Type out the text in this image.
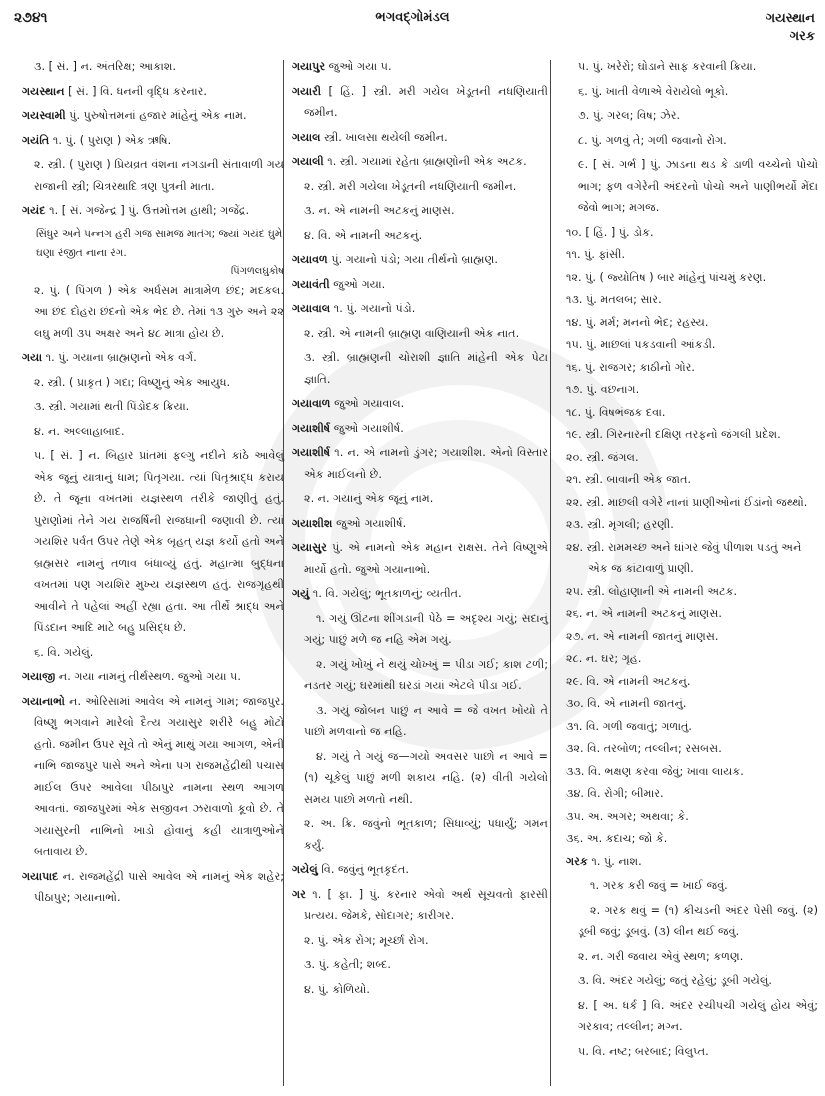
૨૭૪૧	ભગવદ્ગોમંડલ	ગયસ્થાન
ગરક
૩. [ સં. ] ન. અંતરિક્ષ; આકાશ.
ગયસ્થાન [ સં. ] વિ. ધનની વૃદ્ધિ કરનાર.
ગયસ્વામી પું. પુરુષોત્તમનાં હજાર માંહેનું એક નામ.
ગયંતિ ૧. પું. ( પુરાણ ) એક ઋષિ.
૨. સ્ત્રી. ( પુરાણ ) પ્રિયવ્રત વંશના નગડાની સંતાવાળી ગય રાજાની સ્ત્રી; ચિત્રરથાદિ ત્રણ પુત્રની માતા.
ગયંદ ૧. [ સં. ગજેન્દ્ર ] પું. ઉત્તમોત્તમ હાથી; ગજેંદ્ર.
સિંધુર અને પન્નગ હરી ગજ સામજ માતંગ; જ્યાં ગયંદ ઘુમે ઘણા રંજીત નાના રંગ.
પિંગળલઘુકોષ
૨. પું. ( પિંગળ ) એક અર્ધસમ માત્રામેળ છંદ; મદકલ. આ છંદ દોહરા છંદનો એક ભેદ છે. તેમાં ૧૩ ગુરુ અને ૨૨ લઘુ મળી ૩૫ અક્ષર અને ૪૮ માત્રા હોય છે.
ગયા ૧. પું. ગયાના બ્રાહ્મણનો એક વર્ગ.
૨. સ્ત્રી. ( પ્રાકૃત ) ગદા; વિષ્ણુનું એક આયુધ.
૩. સ્ત્રી. ગયામાં થતી પિંડોદક ક્રિયા.
૪. ન. અલ્લાહાબાદ.
૫. [ સં. ] ન. બિહાર પ્રાંતમાં ફલ્ગુ નદીને કાંઠે આવેલું એક જૂનું યાત્રાનું ધામ; પિતૃગયા. ત્યાં પિતૃશ્રાદ્ધ કરાય છે. તે જૂના વખતમાં યજ્ઞસ્થળ તરીકે જાણીતું હતું. પુરાણોમાં તેને ગય રાજર્ષિની રાજધાની જણાવી છે. ત્યાં ગયશિર પર્વત ઉપર તેણે એક બૃહત્ યજ્ઞ કર્યો હતો અને બ્રહ્મસર નામનું તળાવ બંધાવ્યું હતું. મહાત્મા બુદ્ધના વખતમાં પણ ગયશિર મુખ્ય યજ્ઞસ્થળ હતું. રાજગૃહથી આવીને તે પહેલાં અહીં રહ્યા હતા. આ તીર્થે શ્રાદ્ધ અને પિંડદાન આદિ માટે બહુ પ્રસિદ્ધ છે.
૬. વિ. ગયેલું.
ગયાજી ન. ગયા નામનું તીર્થસ્થળ. જુઓ ગયા ૫.
ગયાનાભો ન. ઓરિસામાં આવેલ એ નામનું ગામ; જાજપુર. વિષ્ણુ ભગવાને મારેલો દૈત્ય ગયાસુર શરીરે બહુ મોટો હતો. જમીન ઉપર સૂવે તો એનું માથું ગયા આગળ, એની નાભિ જાજપુર પાસે અને એના પગ રાજમહેંદ્રીથી પચાસ માઈલ ઉપર આવેલા પીઠાપુર નામના સ્થળ આગળ આવતાં. જાજપુરમાં એક સજીવન ઝરાવાળો કૂવો છે. તે ગયાસુરની નાભિનો ખાડો હોવાનું કહી યાત્રાળુઓને બતાવાય છે.
ગયાપાદ ન. રાજમહેંદ્રી પાસે આવેલ એ નામનું એક શહેર; પીઠાપુર; ગયાનાભો.
ગયાપુર જુઓ ગયા ૫.
ગયારી [ હિં. ] સ્ત્રી. મરી ગયેલ ખેડૂતની નધણિયાતી જમીન.
ગયાલ સ્ત્રી. ખાલસા થયેલી જમીન.
ગયાલી ૧. સ્ત્રી. ગયામાં રહેતા બ્રાહ્મણોની એક અટક.
૨. સ્ત્રી. મરી ગયેલા ખેડૂતની નધણિયાતી જમીન.
૩. ન. એ નામની અટકનું માણસ.
૪. વિ. એ નામની અટકનું.
ગયાવળ પું. ગયાનો પંડો; ગયા તીર્થનો બ્રાહ્મણ.
ગયાવંતી જુઓ ગયા.
ગયાવાલ ૧. પું. ગયાનો પંડો.
૨. સ્ત્રી. એ નામની બ્રાહ્મણ વાણિયાની એક નાત.
૩. સ્ત્રી. બ્રાહ્મણની ચોરાશી જ્ઞાતિ માંહેની એક પેટા જ્ઞાતિ.
ગયાવાળ જુઓ ગયાવાલ.
ગયાશીર્ષ જુઓ ગયાશીર્ષ.
ગયાશીર્ષ ૧. ન. એ નામનો ડુંગર; ગયાશીશ. એનો વિસ્તાર એક માઈલનો છે.
૨. ન. ગયાનું એક જૂનું નામ.
ગયાશીશ જુઓ ગયાશીર્ષ.
ગયાસુર પું. એ નામનો એક મહાન રાક્ષસ. તેને વિષ્ણુએ માર્યો હતો. જુઓ ગયાનાભો.
ગયું ૧. વિ. ગયેલું; ભૂતકાળનું; વ્યતીત.
૧. ગયું ઊંટના શીંગડાની પેઠે = અદૃશ્ય ગયું; સદાનું ગયું; પાછું મળે જ નહિ એમ ગયું.
૨. ગયું ખોખું ને થયું ચોખ્ખું = પીડા ગઈ; કાશ ટળી; નડતર ગયું; ઘરમાંથી ઘરડાં ગયાં એટલે પીડા ગઈ.
૩. ગયું જોબન પાછું ન આવે = જે વખત ખોયો તે પાછો મળવાનો જ નહિ.
૪. ગયું તે ગયું જ—ગયો અવસર પાછો ન આવે = (૧) ચૂકેલું પાછું મળી શકાય નહિ. (૨) વીતી ગયેલો સમય પાછો મળતો નથી.
૨. અ. ક્રિ. જવુંનો ભૂતકાળ; સિધાવ્યું; પધાર્યું; ગમન કર્યું.
ગયેલું વિ. જવુંનું ભૂતકૃદંત.
ગર ૧. [ ફા. ] પું. કરનાર એવો અર્થ સૂચવતો ફારસી પ્રત્યય. જેમકે, સોદાગર; કારીગર.
૨. પું. એક રોગ; મૂર્ચ્છા રોગ.
૩. પું. કહેતી; શબ્દ.
૪. પું. કોળિયો.
૫. પું. ખરેરો; ઘોડાને સાફ કરવાની ક્રિયા.
૬. પું. ખાતી વેળાએ વેરાયેલો ભૂકો.
૭. પું. ગરલ; વિષ; ઝેર.
૮. પું. ગળવું તે; ગળી જવાનો રોગ.
૯. [ સં. ગર્ભ ] પું. ઝાડના થડ કે ડાળી વચ્ચેનો પોચો ભાગ; ફળ વગેરેની અંદરનો પોચો અને પાણીભર્યો મેંદા જેવો ભાગ; મગજ.
૧૦. [ હિં. ] પું. ડોક.
૧૧. પું. ફાંસી.
૧૨. પું. ( જ્યોતિષ ) બાર માંહેનું પાંચમું કરણ.
૧૩. પું. મતલબ; સાર.
૧૪. પું. મર્મ; મનનો ભેદ; રહસ્ય.
૧૫. પું. માછલાં પકડવાની આંકડી.
૧૬. પું. રાજગર; કાઠીનો ગોર.
૧૭. પું. વછનાગ.
૧૮. પું. વિષભંજક દવા.
૧૯. સ્ત્રી. ગિરનારની દક્ષિણ તરફનો જંગલી પ્રદેશ.
૨૦. સ્ત્રી. જંગલ.
૨૧. સ્ત્રી. બાવાની એક જાત.
૨૨. સ્ત્રી. માછલી વગેરે નાનાં પ્રાણીઓનાં ઈંડાંનો જથ્થો.
૨૩. સ્ત્રી. મૃગલી; હરણી.
૨૪. સ્ત્રી. રામમચ્છ અને ઘાંગર જેવું પીળાશ પડતું અને એક જ કાંટાવાળું પ્રાણી.
૨૫. સ્ત્રી. લોહાણાની એ નામની અટક.
૨૬. ન. એ નામની અટકનું માણસ.
૨૭. ન. એ નામની જાતનું માણસ.
૨૮. ન. ઘર; ગૃહ.
૨૯. વિ. એ નામની અટકનું.
૩૦. વિ. એ નામની જાતનું.
૩૧. વિ. ગળી જવાતું; ગળાતું.
૩૨. વિ. તરબોળ; તલ્લીન; રસબસ.
૩૩. વિ. ભક્ષણ કરવા જેવું; ખાવા લાયક.
૩૪. વિ. રોગી; બીમાર.
૩૫. અ. અગર; અથવા; કે.
૩૬. અ. કદાચ; જો કે.
ગરક ૧. પું. નાશ.
૧. ગરક કરી જવું = ખાઈ જવું.
૨. ગરક થવું = (૧) કીચડની અંદર પેસી જવું. (૨) ડૂબી જવું; ડૂબવું. (૩) લીન થઈ જવું.
૨. ન. ગરી જવાય એવું સ્થળ; કળણ.
૩. વિ. અંદર ગયેલું; જતું રહેલું; ડૂબી ગયેલું.
૪. [ અ. ધર્ક ] વિ. અંદર રચીપચી ગયેલું હોય એવું; ગરકાવ; તલ્લીન; મગ્ન.
૫. વિ. નષ્ટ; બરબાદ; વિલુપ્ત.
